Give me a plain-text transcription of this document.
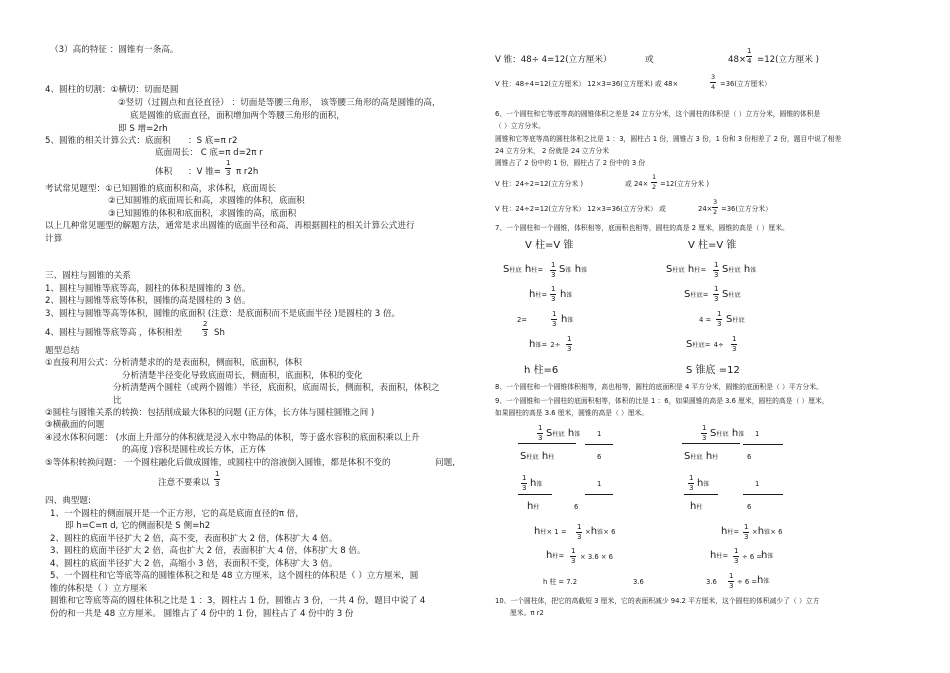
（3）高的特征 ：圆锥有一条高。
4、圆柱的切割：①横切：切面是圆
②竖切（过圆点和直径直径） ：切面是等腰三角形， 该等腰三角形的高是圆锥的高，
底是圆锥的底面直径，面积增加两个等腰三角形的面积，
即 S 增=2rh
5、圆锥的相关计算公式：底面积 ：S 底=π r2
底面周长： C 底=π d=2π r
体积 ：V 锥=
1
3 π r2h
考试常见题型：①已知圆锥的底面积和高，求体积，底面周长
②已知圆锥的底面周长和高，求圆锥的体积，底面积
③已知圆锥的体积和底面积，求圆锥的高，底面积
以上几种常见题型的解题方法，通常是求出圆锥的底面半径和高，再根据圆柱的相关计算公式进行
计算
三、圆柱与圆锥的关系
1、圆柱与圆锥等底等高，圆柱的体积是圆锥的 3 倍。
2、圆柱与圆锥等底等体积，圆锥的高是圆柱的 3 倍。
3、圆柱与圆锥等高等体积，圆锥的底面积 (注意：是底面积而不是底面半径 )是圆柱的 3 倍。
4、圆柱与圆锥等底等高 ，体积相差
2
3 Sh
题型总结
①直接利用公式：分析清楚求的的是表面积，侧面积，底面积，体积
分析清楚半径变化导致底面周长，侧面积，底面积，体积的变化
分析清楚两个圆柱（或两个圆锥）半径，底面积，底面周长，侧面积，表面积，体积之
比
②圆柱与圆锥关系的转换：包括削成最大体积的问题 (正方体，长方体与圆柱圆锥之间 )
③横截面的问题
④浸水体积问题： (水面上升部分的体积就是浸入水中物品的体积，等于盛水容积的底面积乘以上升
的高度 )容积是圆柱或长方体，正方体
⑤等体积转换问题： 一个圆柱融化后做成圆锥，或圆柱中的溶液倒入圆锥，都是体积不变的	问题,
注意不要乘以
1
3
四、典型题:
1、一个圆柱的侧面展开是一个正方形，它的高是底面直径的π 倍，
即 h=C=π d, 它的侧面积是 S 侧=h2
2、圆柱的底面半径扩大 2 倍，高不变，表面积扩大 2 倍，体积扩大 4 倍。
3、圆柱的底面半径扩大 2 倍，高也扩大 2 倍，表面积扩大 4 倍，体积扩大 8 倍。
4、圆柱的底面半径扩大 2 倍，高缩小 3 倍，表面积不变，体积扩大 3 倍。
5、一个圆柱和它等底等高的圆锥体积之和是 48 立方厘米，这个圆柱的体积是（ ）立方厘米，圆
锥的体积是（ ）立方厘米
圆锥和它等底等高的圆柱体积之比是 1 ：3，圆柱占 1 份，圆锥占 3 份，一共 4 份，题目中说了 4
份的和一共是 48 立方厘米。 圆锥占了 4 份中的 1 份，圆柱占了 4 份中的 3 份
V 锥：48÷ 4=12(立方厘米）	或	48×
1
4 =12(立方厘米 )
V 柱：48÷4=12(立方厘米） 12×3=36(立方厘米) 或 48×
3
4 =36(立方厘米）
6、一个圆柱和它等底等高的圆锥体积之差是 24 立方分米，这个圆柱的体积是（ ）立方分米，圆锥的体积是
（ ）立方分米。
圆锥和它等底等高的圆柱体积之比是 1 ：3，圆柱占 1 份，圆锥占 3 份，1 份和 3 份相差了 2 份，题目中说了相差
24 立方分米， 2 份就是 24 立方分米
圆锥占了 2 份中的 1 份，圆柱占了 2 份中的 3 份
V 柱：24÷2=12(立方分米 )	或 24×
1
2 =12(立方分米 )
V 柱：24÷2=12(立方分米） 12×3=36(立方分米） 或	24×
3
2 =36(立方分米）
7、一个圆柱和一个圆锥，体积相等，底面积也相等，圆柱的高是 2 厘米，圆锥的高是（ ）厘米。
V 柱=V 锥
S柱底 h柱=
1
3 S锥 h锥
h柱=
1
3 h锥
2=
1
3 h锥
h锥= 2÷
1
3
h 柱=6
V 柱=V 锥
S柱底 h柱=
1
3 S柱底 h锥
S柱底=
1
3 S柱底
4 =
1
3 S柱底
S柱底= 4÷
1
3
S 锥底 =12
8、一个圆柱和一个圆锥体积相等，高也相等，圆柱的底面积是 4 平方分米，圆锥的底面积是（ ）平方分米。
9、一个圆锥和一个圆柱的底面积相等，体积的比是 1 ：6，如果圆锥的高是 3.6 厘米，圆柱的高是（ ）厘米，
如果圆柱的高是 3.6 厘米，圆锥的高是（ ）厘米。
1
3 S柱底 h锥
S柱底 h柱
1
6
1
3 h锥
h柱
1
6
h柱× 1 =
1
3
×h锥× 6
h柱=
1
3 × 3.6 × 6
h 柱 = 7.2	3.6
1
3 S柱底 h锥
S柱底 h柱
1
6
1
3 h锥
h柱
1
6
h柱=
1
3
×h锥× 6
h柱=
1
3 ÷ 6 =
h锥
3.6
1
3 ÷ 6 = h锥
10、一个圆柱体，把它的高截短 3 厘米，它的表面积减少 94.2 平方厘米，这个圆柱的体积减少了（ ）立方
厘米。π r2
